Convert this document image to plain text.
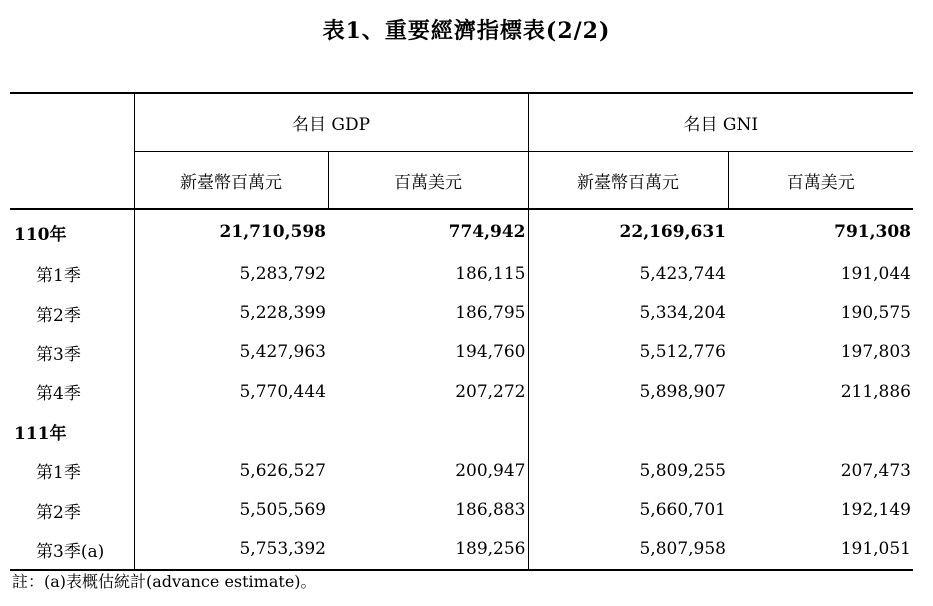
表1、重要經濟指標表(2/2)
	名目 GDP		名目 GNI	
	新臺幣百萬元	百萬美元	新臺幣百萬元	百萬美元
110年	21,710,598	774,942	22,169,631	791,308
第1季	5,283,792	186,115	5,423,744	191,044
第2季	5,228,399	186,795	5,334,204	190,575
第3季	5,427,963	194,760	5,512,776	197,803
第4季	5,770,444	207,272	5,898,907	211,886
111年				
第1季	5,626,527	200,947	5,809,255	207,473
第2季	5,505,569	186,883	5,660,701	192,149
第3季(a)	5,753,392	189,256	5,807,958	191,051
註：(a)表概估統計(advance estimate)。
